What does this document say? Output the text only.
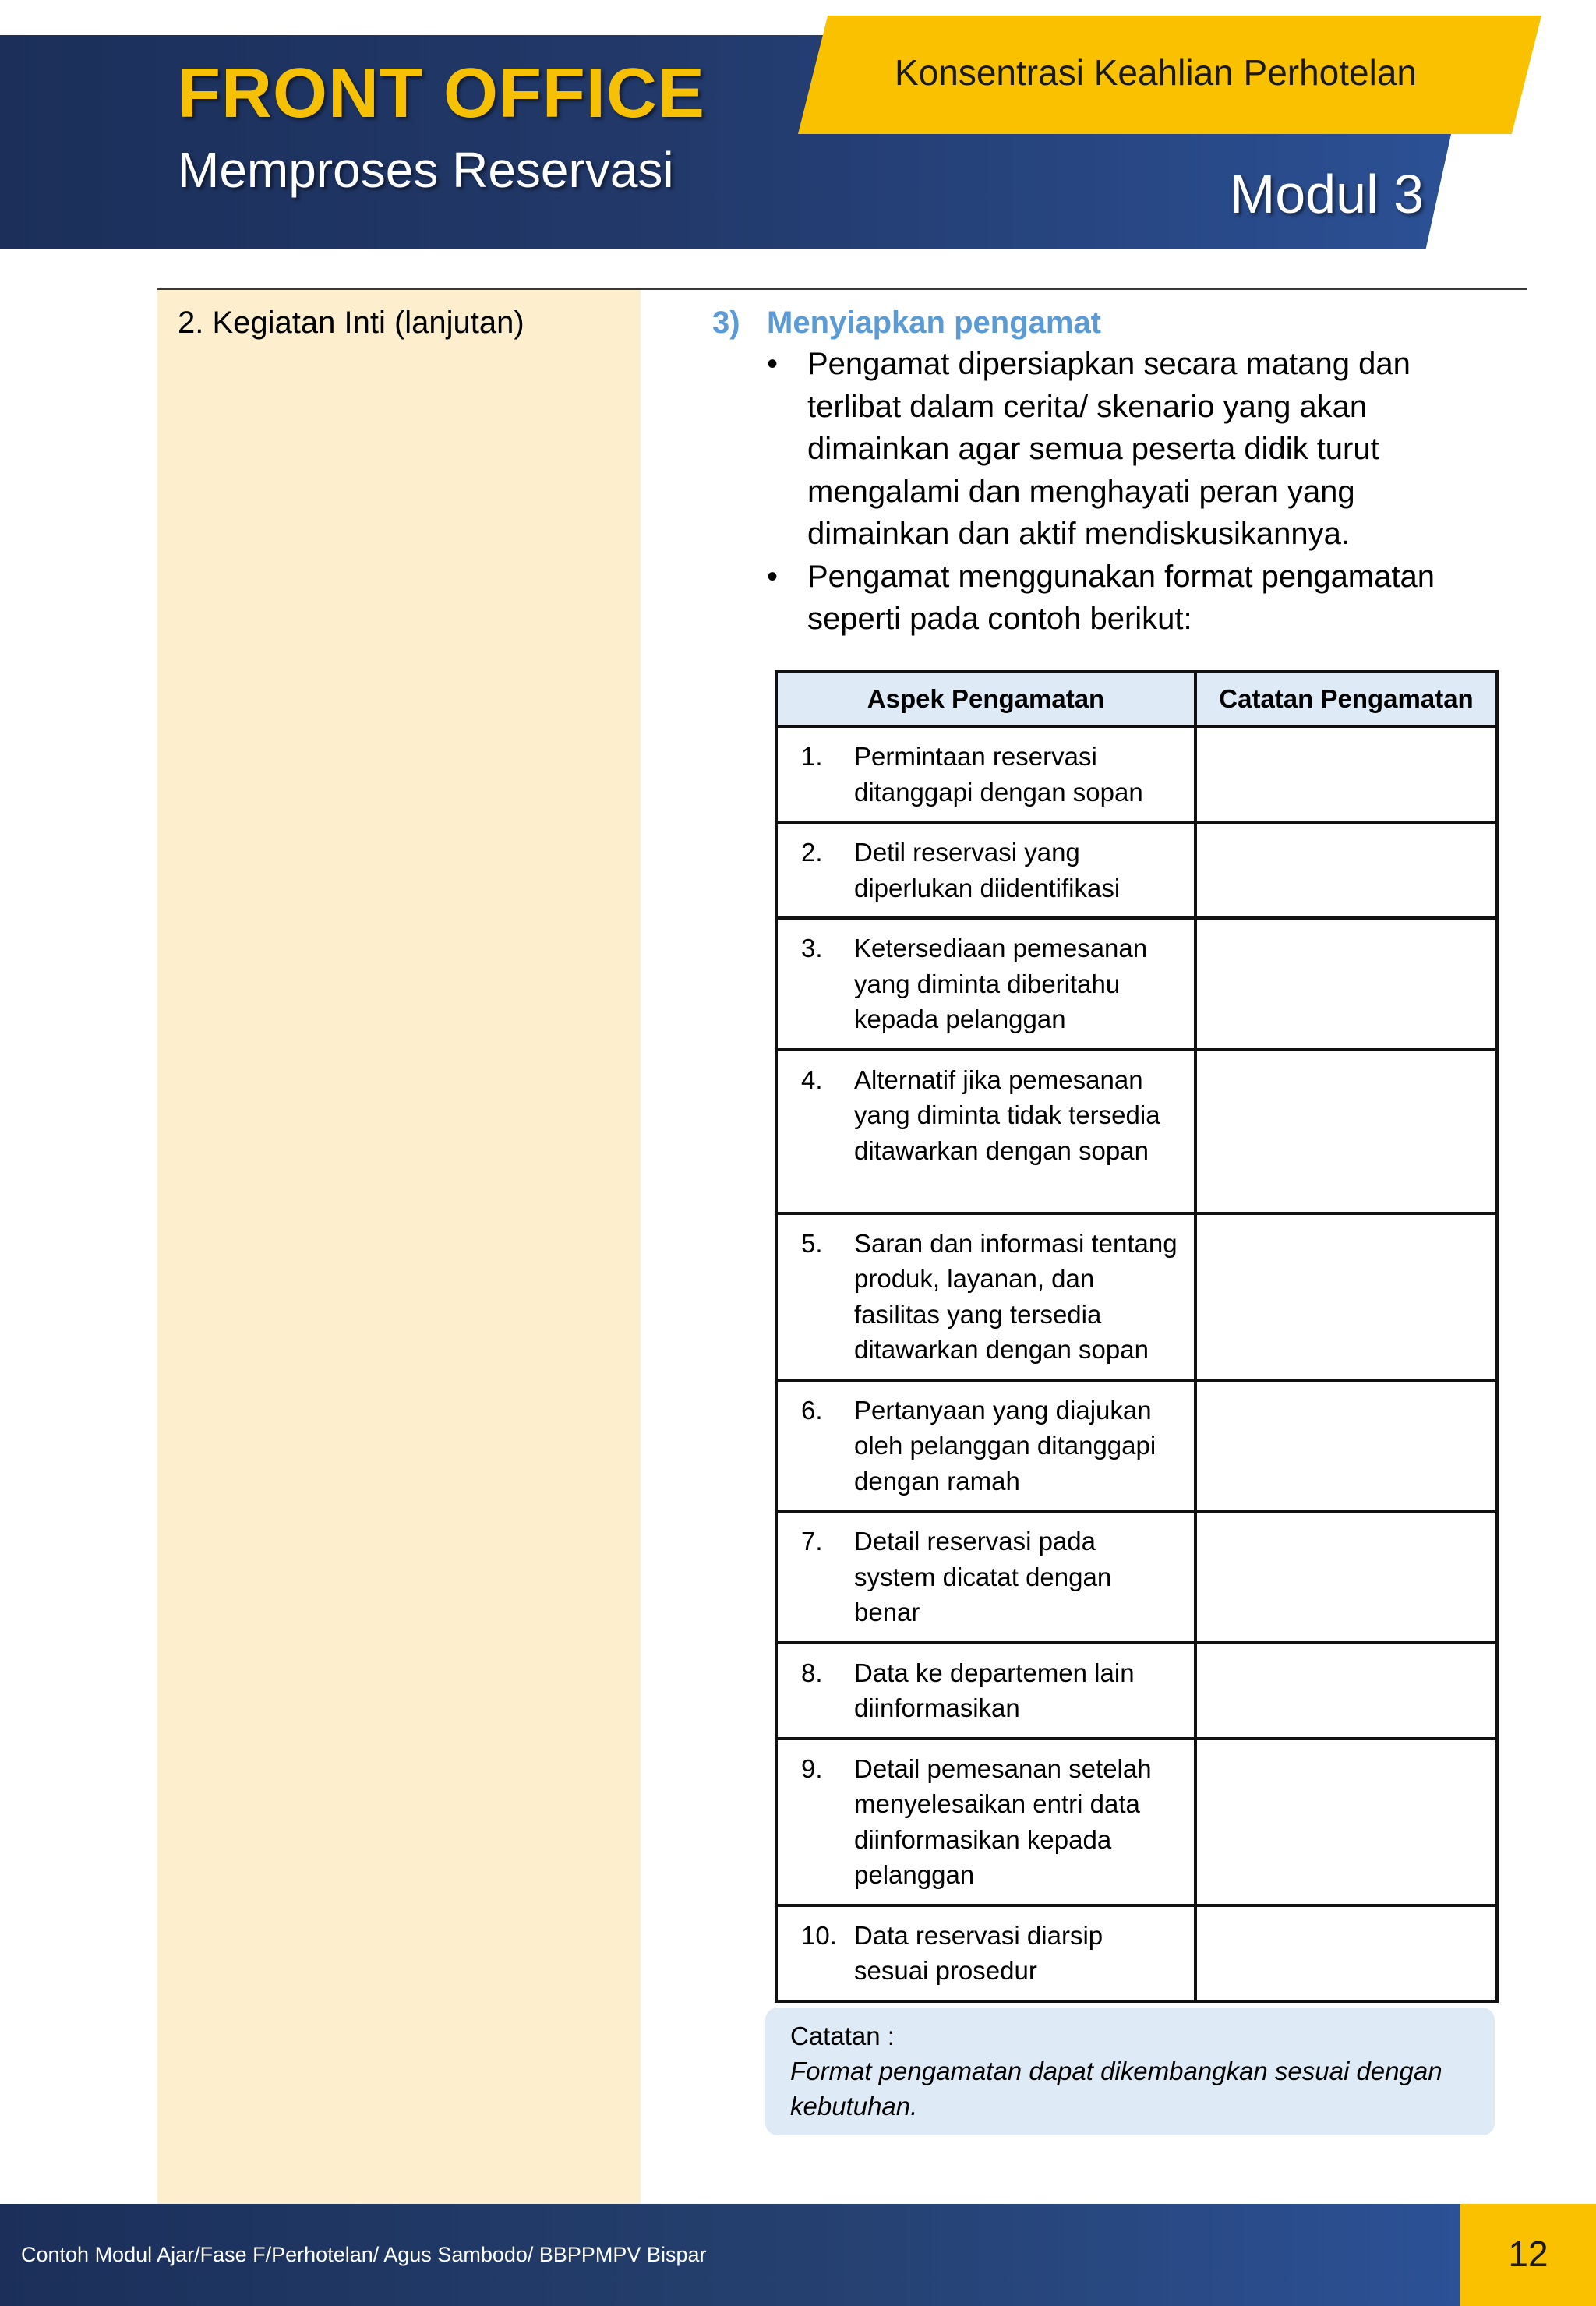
FRONT OFFICE
Memproses Reservasi
Konsentrasi Keahlian Perhotelan
Modul 3
2. Kegiatan Inti (lanjutan)	3) Menyiapkan pengamat
• Pengamat dipersiapkan secara matang dan terlibat dalam cerita/ skenario yang akan dimainkan agar semua peserta didik turut mengalami dan menghayati peran yang dimainkan dan aktif mendiskusikannya.
• Pengamat menggunakan format pengamatan seperti pada contoh berikut:
Aspek Pengamatan	Catatan Pengamatan

1. Permintaan reservasi ditanggapi dengan sopan	

2. Detil reservasi yang diperlukan diidentifikasi	

3. Ketersediaan pemesanan yang diminta diberitahu kepada pelanggan	

4. Alternatif jika pemesanan yang diminta tidak tersedia ditawarkan dengan sopan	

5. Saran dan informasi tentang produk, layanan, dan fasilitas yang tersedia ditawarkan dengan sopan	

6. Pertanyaan yang diajukan oleh pelanggan ditanggapi dengan ramah	

7. Detail reservasi pada system dicatat dengan benar	

8. Data ke departemen lain diinformasikan	

9. Detail pemesanan setelah menyelesaikan entri data diinformasikan kepada pelanggan	

10. Data reservasi diarsip sesuai prosedur	

Catatan :
Format pengamatan dapat dikembangkan sesuai dengan kebutuhan.
Contoh Modul Ajar/Fase F/Perhotelan/ Agus Sambodo/ BBPPMPV Bispar	12
